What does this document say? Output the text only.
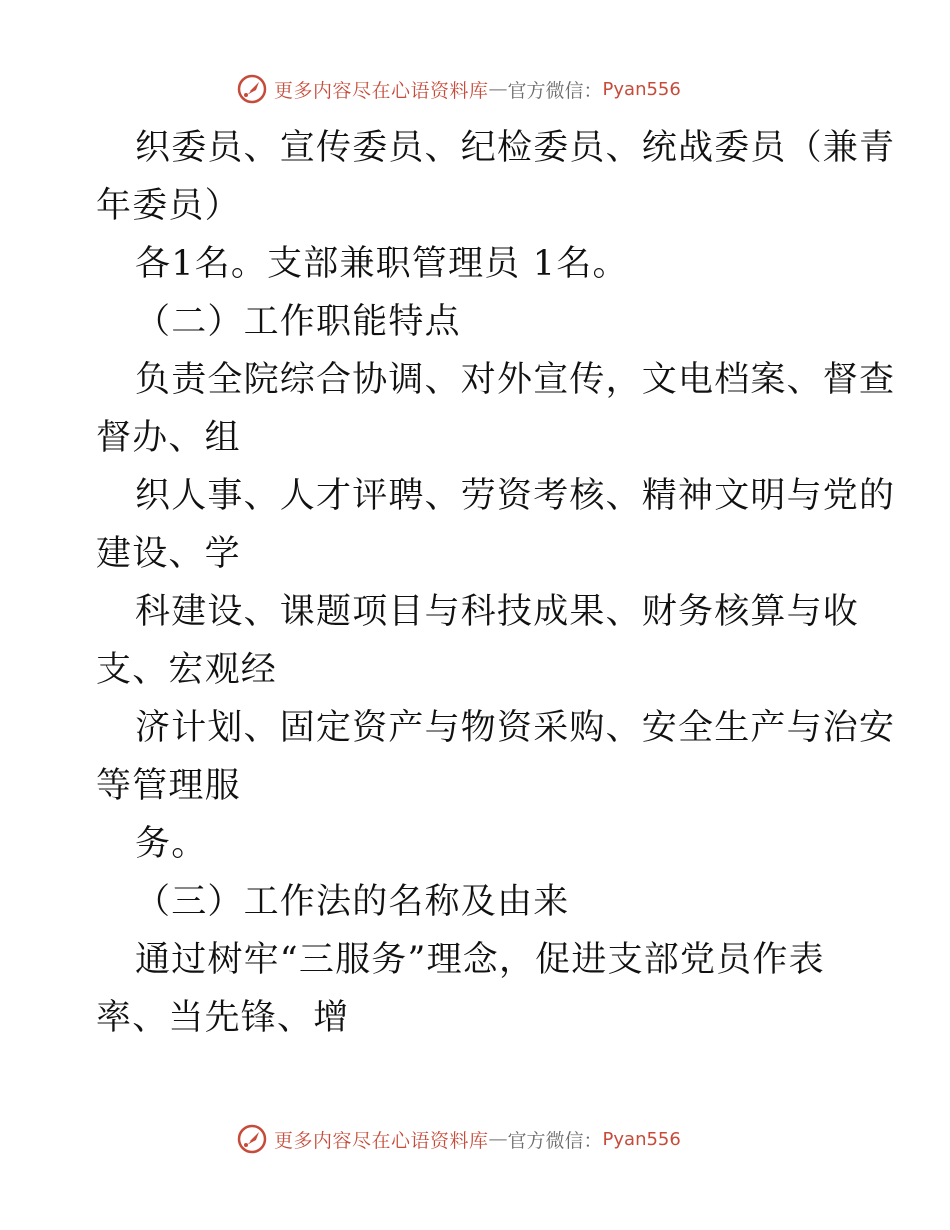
更多内容尽在心语资料库 — 官方微信： Pyan556
织委员、宣传委员、纪检委员、统战委员（兼青
年委员）
各1名。支部兼职管理员 1名。
（二）工作职能特点
负责全院综合协调、对外宣传，文电档案、督查
督办、组
织人事、人才评聘、劳资考核、精神文明与党的
建设、学
科建设、课题项目与科技成果、财务核算与收
支、宏观经
济计划、固定资产与物资采购、安全生产与治安
等管理服
务。
（三）工作法的名称及由来
通过树牢“三服务”理念，促进支部党员作表
率、当先锋、增
更多内容尽在心语资料库 — 官方微信： Pyan556
